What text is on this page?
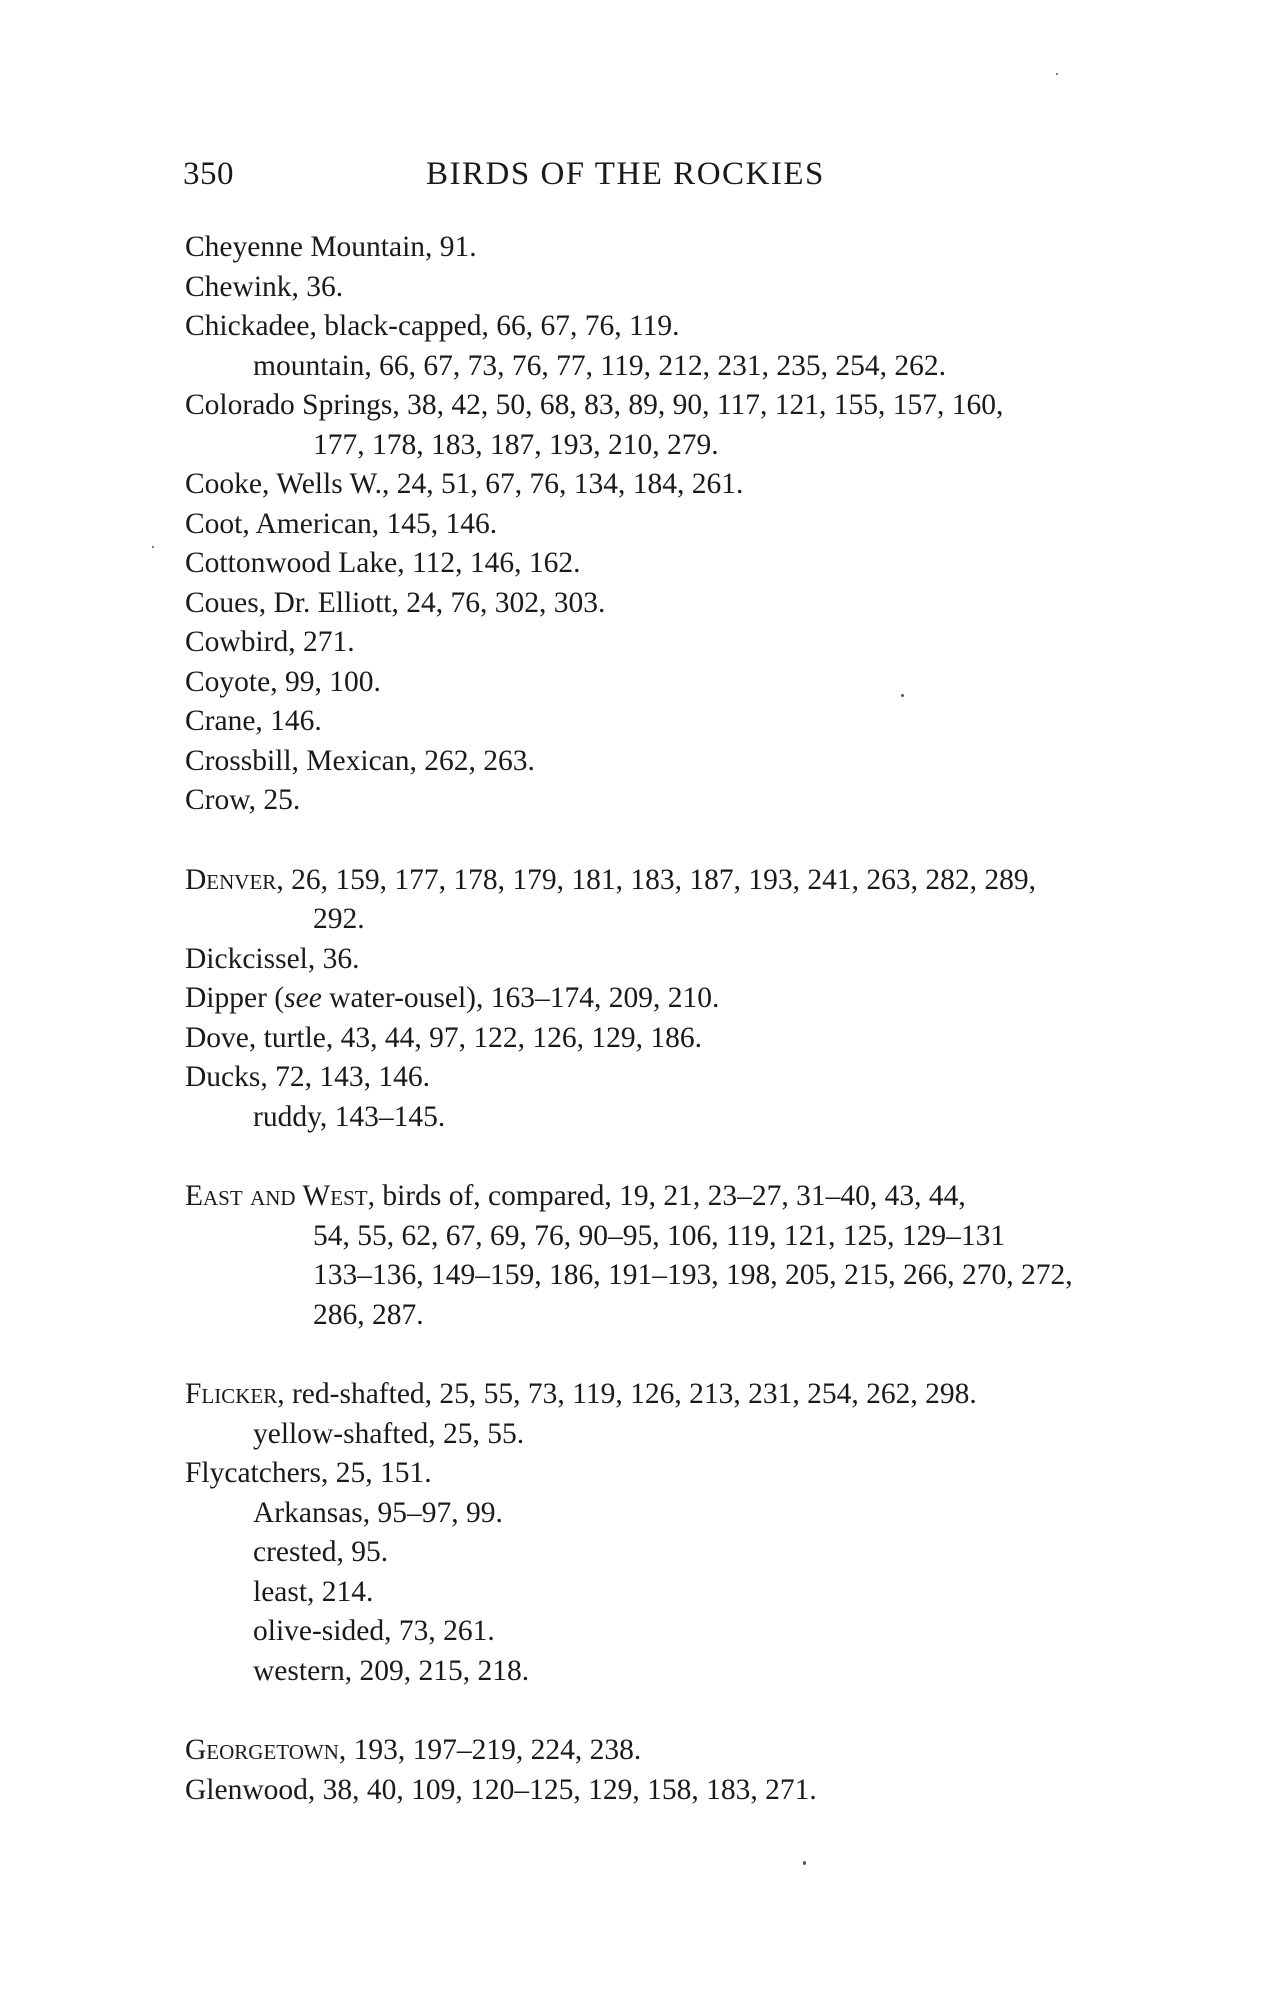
350	BIRDS OF THE ROCKIES
Cheyenne Mountain, 91.
Chewink, 36.
Chickadee, black-capped, 66, 67, 76, 119.
mountain, 66, 67, 73, 76, 77, 119, 212, 231, 235, 254, 262.
Colorado Springs, 38, 42, 50, 68, 83, 89, 90, 117, 121, 155, 157, 160,
177, 178, 183, 187, 193, 210, 279.
Cooke, Wells W., 24, 51, 67, 76, 134, 184, 261.
Coot, American, 145, 146.
Cottonwood Lake, 112, 146, 162.
Coues, Dr. Elliott, 24, 76, 302, 303.
Cowbird, 271.
Coyote, 99, 100.
Crane, 146.
Crossbill, Mexican, 262, 263.
Crow, 25.
Denver, 26, 159, 177, 178, 179, 181, 183, 187, 193, 241, 263, 282, 289,
292.
Dickcissel, 36.
Dipper (see water-ousel), 163–174, 209, 210.
Dove, turtle, 43, 44, 97, 122, 126, 129, 186.
Ducks, 72, 143, 146.
ruddy, 143–145.
East and West, birds of, compared, 19, 21, 23–27, 31–40, 43, 44,
54, 55, 62, 67, 69, 76, 90–95, 106, 119, 121, 125, 129–131
133–136, 149–159, 186, 191–193, 198, 205, 215, 266, 270, 272,
286, 287.
Flicker, red-shafted, 25, 55, 73, 119, 126, 213, 231, 254, 262, 298.
yellow-shafted, 25, 55.
Flycatchers, 25, 151.
Arkansas, 95–97, 99.
crested, 95.
least, 214.
olive-sided, 73, 261.
western, 209, 215, 218.
Georgetown, 193, 197–219, 224, 238.
Glenwood, 38, 40, 109, 120–125, 129, 158, 183, 271.
